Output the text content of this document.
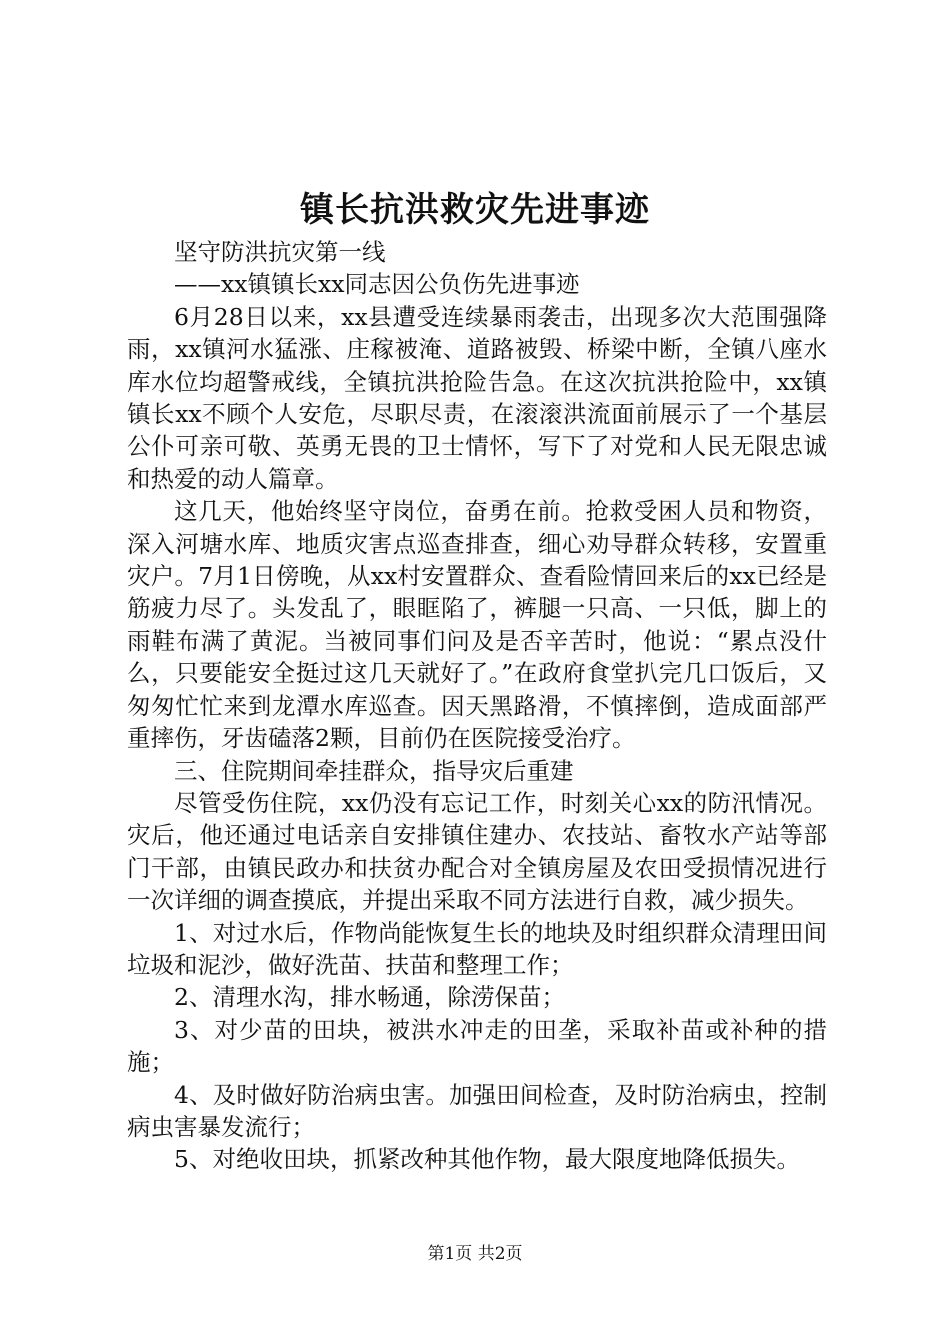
镇长抗洪救灾先进事迹

坚守防洪抗灾第一线

——xx镇镇长xx同志因公负伤先进事迹

6月28日以来，xx县遭受连续暴雨袭击，出现多次大范围强降雨，xx镇河水猛涨、庄稼被淹、道路被毁、桥梁中断，全镇八座水库水位均超警戒线，全镇抗洪抢险告急。在这次抗洪抢险中，xx镇镇长xx不顾个人安危，尽职尽责，在滚滚洪流面前展示了一个基层公仆可亲可敬、英勇无畏的卫士情怀，写下了对党和人民无限忠诚和热爱的动人篇章。

这几天，他始终坚守岗位，奋勇在前。抢救受困人员和物资，深入河塘水库、地质灾害点巡查排查，细心劝导群众转移，安置重灾户。7月1日傍晚，从xx村安置群众、查看险情回来后的xx已经是筋疲力尽了。头发乱了，眼眶陷了，裤腿一只高、一只低，脚上的雨鞋布满了黄泥。当被同事们问及是否辛苦时，他说：“累点没什么，只要能安全挺过这几天就好了。”在政府食堂扒完几口饭后，又匆匆忙忙来到龙潭水库巡查。因天黑路滑，不慎摔倒，造成面部严重摔伤，牙齿磕落2颗，目前仍在医院接受治疗。

三、住院期间牵挂群众，指导灾后重建

尽管受伤住院，xx仍没有忘记工作，时刻关心xx的防汛情况。灾后，他还通过电话亲自安排镇住建办、农技站、畜牧水产站等部门干部，由镇民政办和扶贫办配合对全镇房屋及农田受损情况进行一次详细的调查摸底，并提出采取不同方法进行自救，减少损失。

1、对过水后，作物尚能恢复生长的地块及时组织群众清理田间垃圾和泥沙，做好洗苗、扶苗和整理工作；

2、清理水沟，排水畅通，除涝保苗；

3、对少苗的田块，被洪水冲走的田垄，采取补苗或补种的措施；

4、及时做好防治病虫害。加强田间检查，及时防治病虫，控制病虫害暴发流行；

5、对绝收田块，抓紧改种其他作物，最大限度地降低损失。

第1页 共2页
